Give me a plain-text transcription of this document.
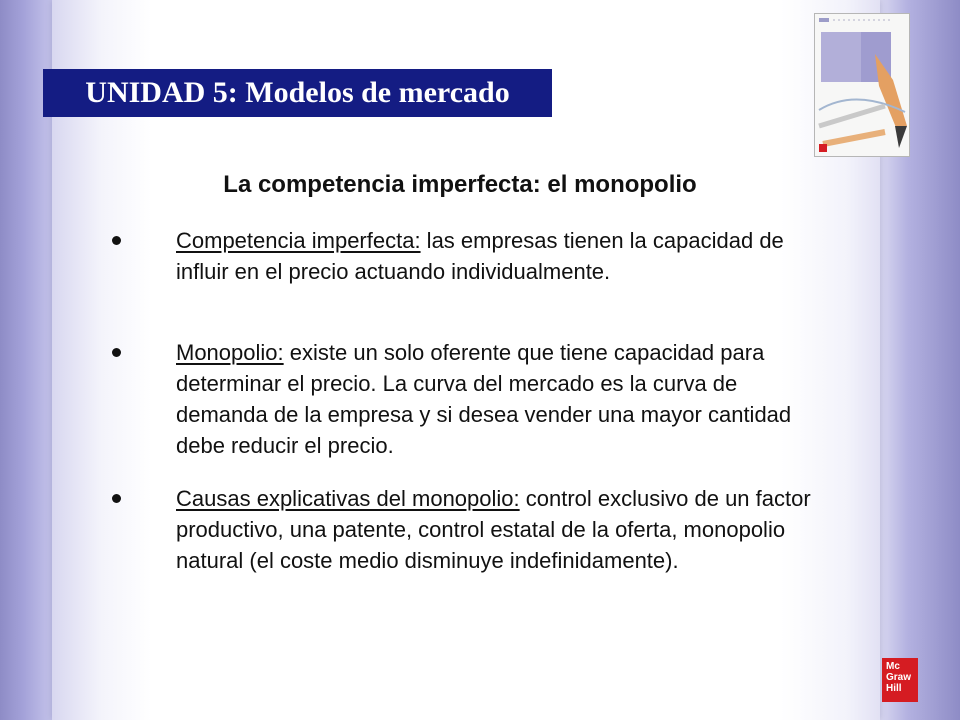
UNIDAD 5: Modelos de mercado
La competencia imperfecta: el monopolio
Competencia imperfecta: las empresas tienen la capacidad de influir en el precio actuando individualmente.
Monopolio: existe un solo oferente que tiene capacidad para determinar el precio. La curva del mercado es la curva de demanda de la empresa y si desea vender una mayor cantidad debe reducir el precio.
Causas explicativas del monopolio: control exclusivo de un factor productivo, una patente, control estatal de la oferta, monopolio natural (el coste medio disminuye indefinidamente).
Mc
Graw
Hill
